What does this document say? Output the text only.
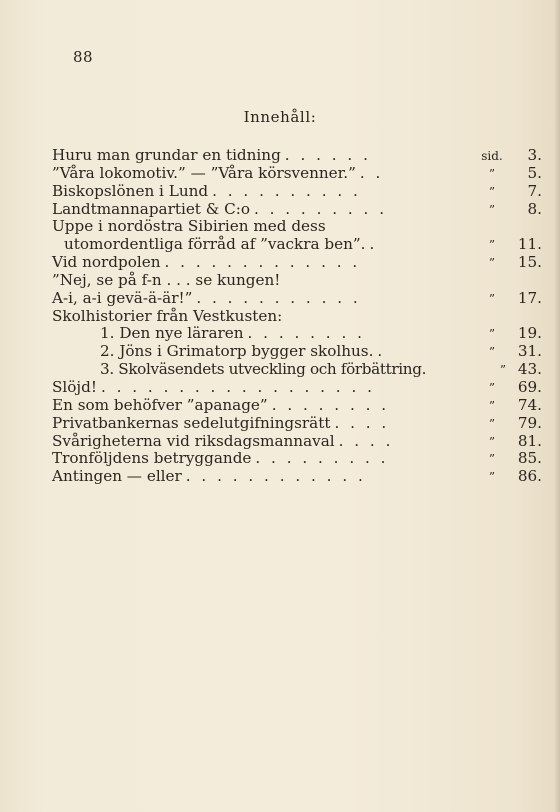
88
Innehåll:
Huru man grundar en tidning . . . . . .	sid.	3.
”Våra lokomotiv.” — ”Våra körsvenner.” . .	”	5.
Biskopslönen i Lund . . . . . . . . . .	”	7.
Landtmannapartiet & C:o . . . . . . . . .	”	8.
Uppe i nordöstra Sibirien med dess
utomordentliga förråd af ”vackra ben”. .	”	11.
Vid nordpolen . . . . . . . . . . . . .	”	15.
”Nej, se på f-n . . . se kungen!
A-i, a-i gevä-ä-är!” . . . . . . . . . . .	”	17.
Skolhistorier från Vestkusten:
1. Den nye läraren . . . . . . . .	”	19.
2. Jöns i Grimatorp bygger skolhus. .	”	31.
3. Skolväsendets utveckling och förbättring.	” 43.
Slöjd! . . . . . . . . . . . . . . . . . .	”	69.
En som behöfver ”apanage” . . . . . . . .	”	74.
Privatbankernas sedelutgifningsrätt . . . .	”	79.
Svårigheterna vid riksdagsmannaval . . . .	”	81.
Tronföljdens betryggande . . . . . . . . .	”	85.
Antingen — eller . . . . . . . . . . . .	”	86.
